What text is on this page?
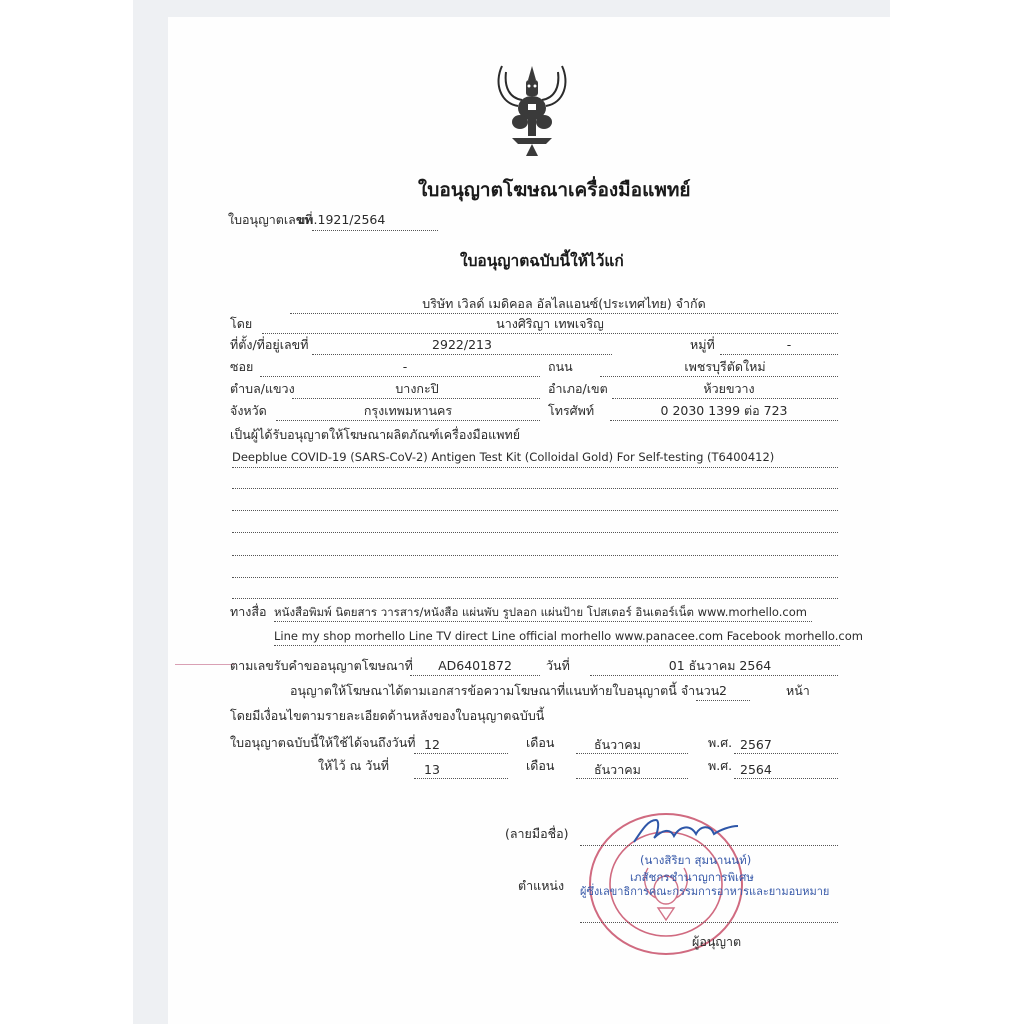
ใบอนุญาตโฆษณาเครื่องมือแพทย์
ใบอนุญาตเลขที่
ฆพ.1921/2564
ใบอนุญาตฉบับนี้ให้ไว้แก่
บริษัท เวิลด์ เมดิคอล อัลไลแอนซ์(ประเทศไทย) จำกัด
โดย	นางศิริญา เทพเจริญ
ที่ตั้ง/ที่อยู่เลขที่	2922/213	หมู่ที่	-
ซอย	-	ถนน	เพชรบุรีตัดใหม่
ตำบล/แขวง	บางกะปิ	อำเภอ/เขต	ห้วยขวาง
จังหวัด	กรุงเทพมหานคร	โทรศัพท์	0 2030 1399 ต่อ 723
เป็นผู้ได้รับอนุญาตให้โฆษณาผลิตภัณฑ์เครื่องมือแพทย์
Deepblue COVID-19 (SARS-CoV-2) Antigen Test Kit (Colloidal Gold) For Self-testing (T6400412)
ทางสื่อ หนังสือพิมพ์ นิตยสาร วารสาร/หนังสือ แผ่นพับ รูปลอก แผ่นป้าย โปสเตอร์ อินเตอร์เน็ต www.morhello.com
Line my shop morhello Line TV direct Line official morhello www.panacee.com Facebook morhello.com
ตามเลขรับคำขออนุญาตโฆษณาที่	AD6401872	วันที่	01 ธันวาคม 2564
อนุญาตให้โฆษณาได้ตามเอกสารข้อความโฆษณาที่แนบท้ายใบอนุญาตนี้ จำนวน 2	หน้า
โดยมีเงื่อนไขตามรายละเอียดด้านหลังของใบอนุญาตฉบับนี้
ใบอนุญาตฉบับนี้ให้ใช้ได้จนถึงวันที่ 12	เดือน	ธันวาคม	พ.ศ. 2567
ให้ไว้ ณ วันที่	13	เดือน	ธันวาคม	พ.ศ. 2564
(ลายมือชื่อ)
(นางสิริยา สุมนานนท์)
ตำแหน่ง
เภสัชกรชำนาญการพิเศษ
ผู้ซึ่งเลขาธิการคณะกรรมการอาหารและยามอบหมาย
ผู้อนุญาต
